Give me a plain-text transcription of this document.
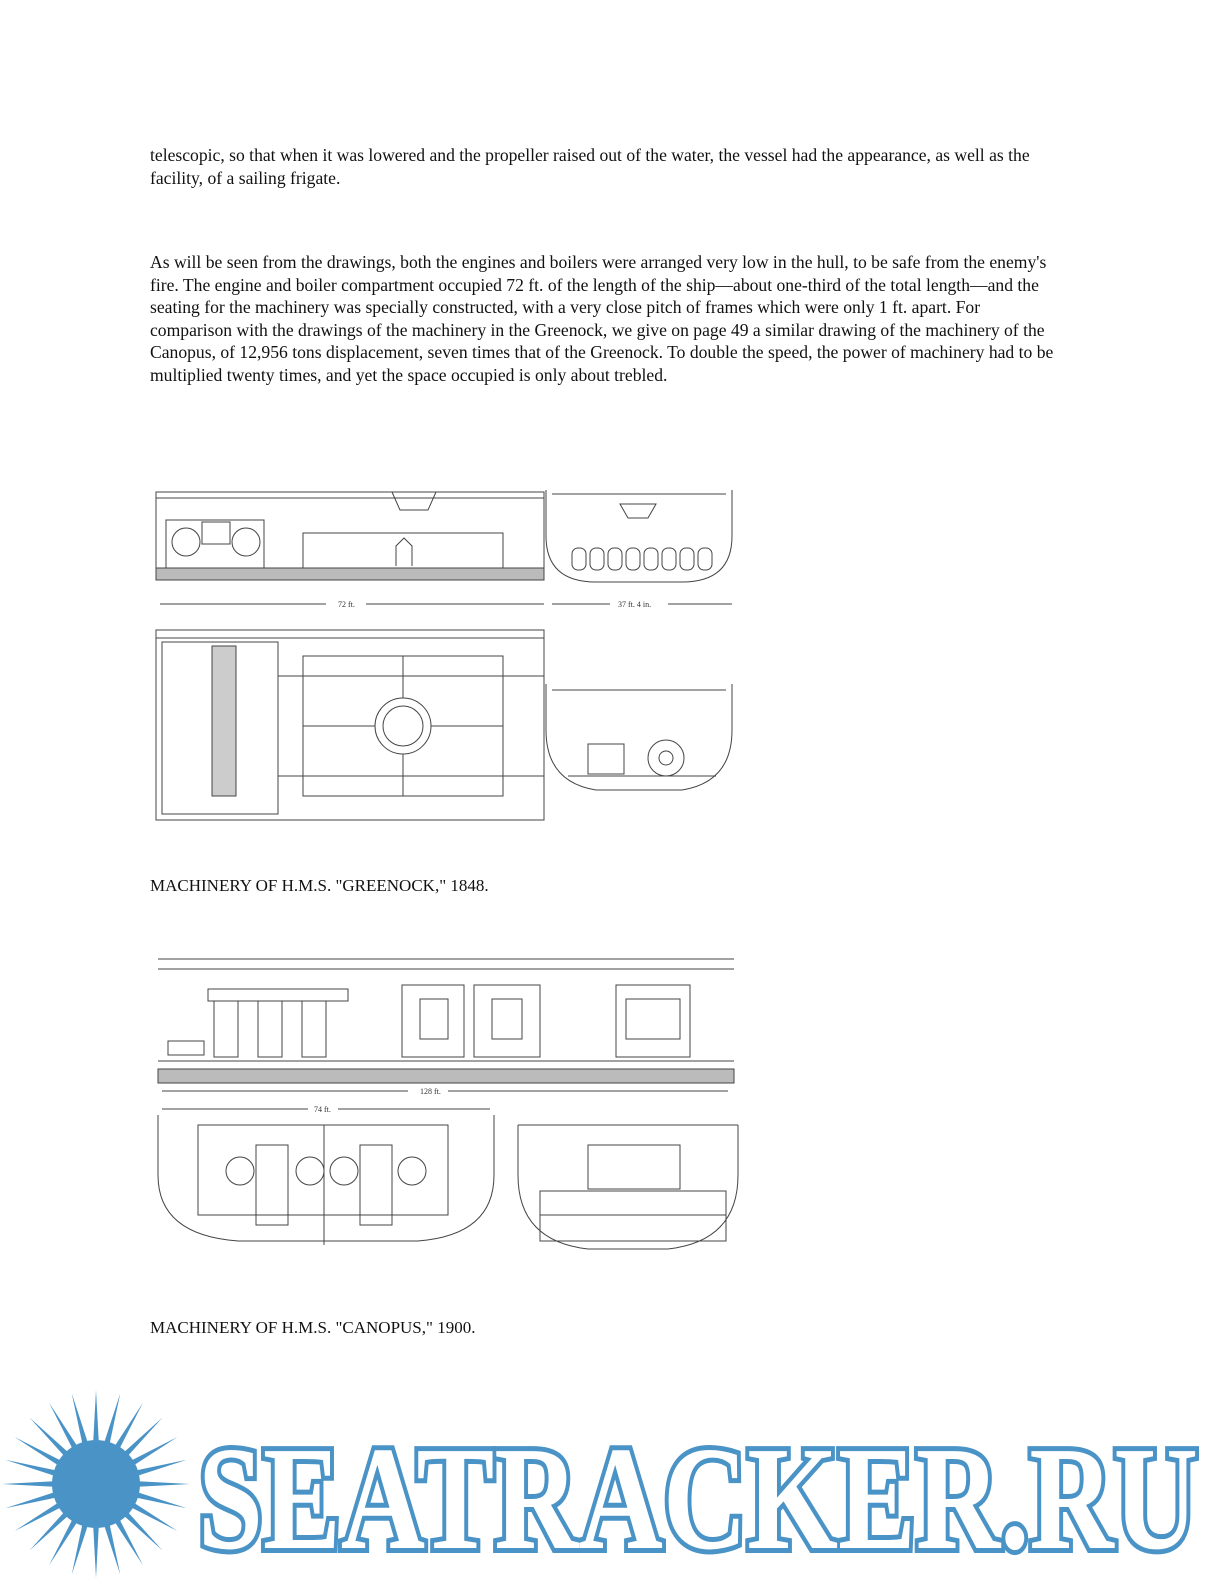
telescopic, so that when it was lowered and the propeller raised out of the water, the vessel had the appearance, as well as the facility, of a sailing frigate.

As will be seen from the drawings, both the engines and boilers were arranged very low in the hull, to be safe from the enemy's fire. The engine and boiler compartment occupied 72 ft. of the length of the ship—about one-third of the total length—and the seating for the machinery was specially constructed, with a very close pitch of frames which were only 1 ft. apart. For comparison with the drawings of the machinery in the Greenock, we give on page 49 a similar drawing of the machinery of the Canopus, of 12,956 tons displacement, seven times that of the Greenock. To double the speed, the power of machinery had to be multiplied twenty times, and yet the space occupied is only about trebled.

72 ft.	37 ft. 4 in.

MACHINERY OF H.M.S. "GREENOCK," 1848.

74 ft.
128 ft.

MACHINERY OF H.M.S. "CANOPUS," 1900.

SEATRACKER.RU
